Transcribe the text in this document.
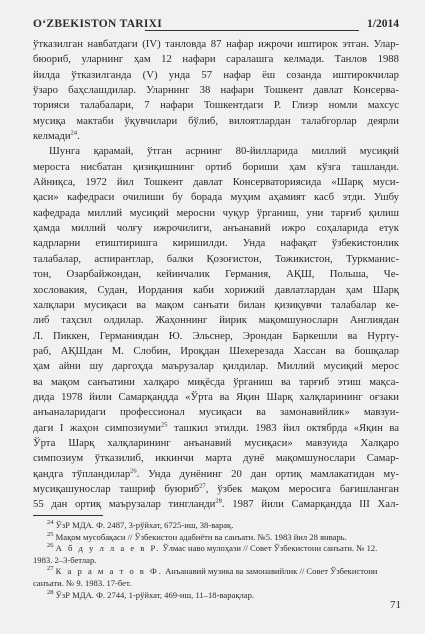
O‘ZBEKISTON TARIXI	1/2014
ўтказилган навбатдаги (IV) танловда 87 нафар ижрочи иштирок этган. Улар-
бюориб, уларнинг ҳам 12 нафари саралашга келмади. Танлов 1988
йилда ўтказилганда (V) унда 57 нафар ёш созанда иштирокчилар
ўзаро баҳслашдилар. Уларнинг 38 нафари Тошкент давлат Консерва-
торияси талабалари, 7 нафари Тошкентдаги Р. Глиэр номли махсус
мусиқа мактаби ўқувчилари бўлиб, вилоятлардан талабгорлар деярли
келмади$^{24}$.
Шунга қарамай, ўтган асрнинг 80-йилларида миллий мусиқий
мероста нисбатан қизиқишнинг ортиб бориши ҳам кўзга ташланди.
Айниқса, 1972 йил Тошкент давлат Консерваториясида «Шарқ муси-
қаси» кафедраси очилиши бу борада муҳим аҳамият касб этди. Ушбу
кафедрада миллий мусиқий меросни чуқур ўрганиш, уни тарғиб қилиш
ҳамда миллий чолғу ижрочилиги, анъанавий ижро соҳаларида етук
кадрларни етиштиришга киришилди. Унда нафақат ўзбекистонлик
талабалар, аспирантлар, балки Қозоғистон, Тожикистон, Туркманис-
тон, Озарбайжондан, кейинчалик Германия, АҚШ, Польша, Че-
хословакия, Судан, Иордания каби хорижий давлатлардан ҳам Шарқ
халқлари мусиқаси ва мақом санъати билан қизиқувчи талабалар ке-
либ таҳсил олдилар. Жаҳоннинг йирик мақомшуносларн Англиядан
Л. Пиккен, Германиядан Ю. Эльснер, Эрондан Баркешли ва Нурту-
раб, АҚШдан М. Слобин, Ироқдан Шехерезада Хассан ва бошқалар
ҳам айни шу даргоҳда маърузалар қилдилар. Миллий мусиқий мерос
ва мақом санъатини халқаро миқёсда ўрганиш ва тарғиб этиш мақса-
дида 1978 йили Самарқандда «Ўрта ва Яқин Шарқ халқларининг оғзаки
анъаналаридаги профессионал мусиқаси ва замонавийлик» мавзуи-
даги I жаҳон симпозиуми$^{25}$ ташкил этилди. 1983 йил октябрда «Яқин ва
Ўрта Шарқ халқларининг анъанавий мусиқаси» мавзуида Халқаро
симпозиум ўтказилиб, иккинчи марта дунё мақомшунослари Самар-
қандга тўпландилар$^{26}$. Унда дунёнинг 20 дан ортиқ мамлакатидан му-
мусиқашунослар ташриф буюриб$^{27}$, ўзбек мақом меросига бағишланган
55 дан ортиқ маърузалар тингланди$^{28}$. 1987 йили Самарқандда III Хал-
$^{24}$ ЎзР МДА. Ф. 2487, 3-рўйхат, 6725-иш, 38-варақ.
$^{25}$ Мақом мусобақаси // Ўзбекистон адабиёти ва санъати. №5. 1983 йил 28 январь.
$^{26}$ А б д у л л а е в Р. Ўлмас наво мулоҳази // Совет Ўзбекистони санъати. № 12.
1983. 2–3-бетлар.
$^{27}$ К а р а м а т о в Ф. Анъанавий музика ва замонавийлик // Совет Ўзбекистони
санъати. № 9. 1983. 17-бет.
$^{28}$ ЎзР МДА. Ф. 2744, 1-рўйхат, 469-иш, 11–18-варақлар.
71
